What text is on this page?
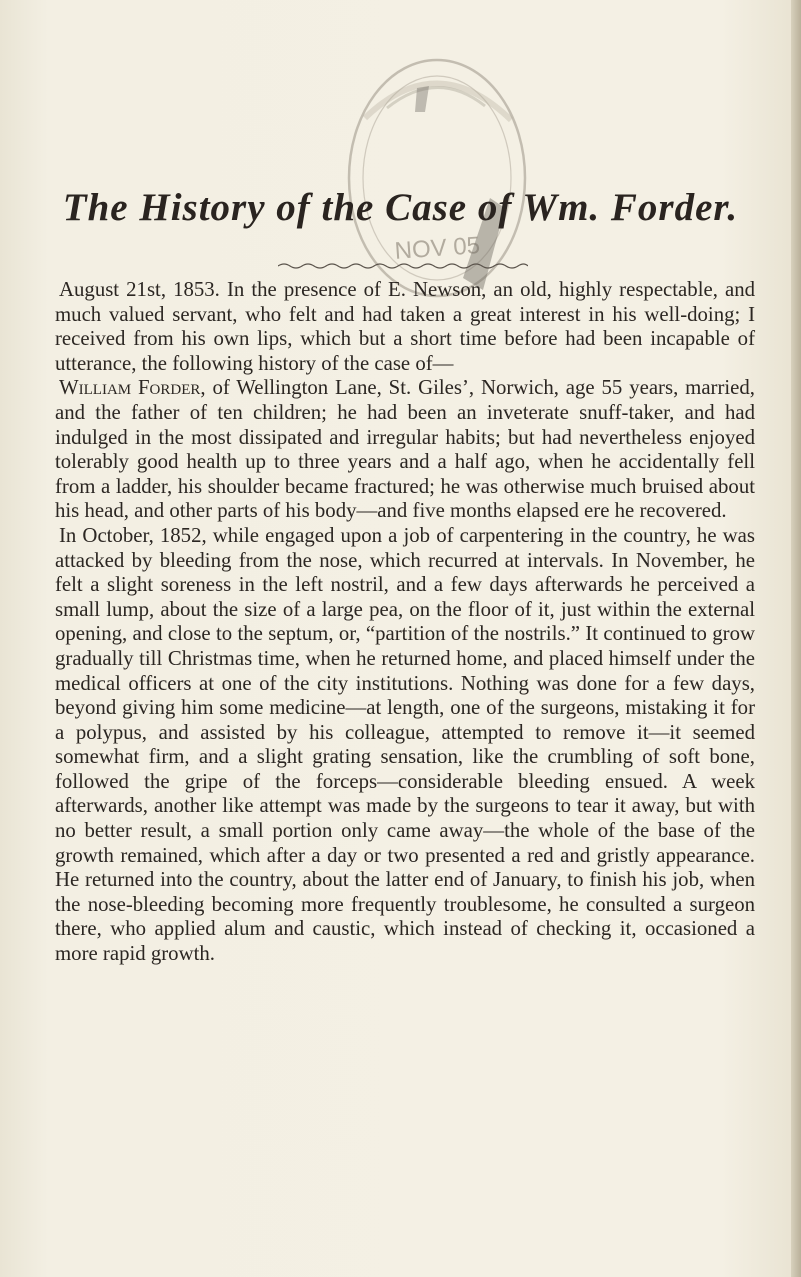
NOV 05
The History of the Case of Wm. Forder.

August 21st, 1853. In the presence of E. Newson, an old, highly respectable, and much valued servant, who felt and had taken a great interest in his well-doing; I received from his own lips, which but a short time before had been incapable of utterance, the following history of the case of—

William Forder, of Wellington Lane, St. Giles’, Norwich, age 55 years, married, and the father of ten children; he had been an inveterate snuff-taker, and had indulged in the most dissipated and irregular habits; but had nevertheless enjoyed tolerably good health up to three years and a half ago, when he accidentally fell from a ladder, his shoulder became fractured; he was otherwise much bruised about his head, and other parts of his body—and five months elapsed ere he recovered.

In October, 1852, while engaged upon a job of carpentering in the country, he was attacked by bleeding from the nose, which recurred at intervals. In November, he felt a slight soreness in the left nostril, and a few days afterwards he perceived a small lump, about the size of a large pea, on the floor of it, just within the external opening, and close to the septum, or, “partition of the nostrils.” It continued to grow gradually till Christmas time, when he returned home, and placed himself under the medical officers at one of the city institutions. Nothing was done for a few days, beyond giving him some medicine—at length, one of the surgeons, mistaking it for a polypus, and assisted by his colleague, attempted to remove it—it seemed somewhat firm, and a slight grating sensation, like the crumbling of soft bone, followed the gripe of the forceps—considerable bleeding ensued. A week afterwards, another like attempt was made by the surgeons to tear it away, but with no better result, a small portion only came away—the whole of the base of the growth remained, which after a day or two presented a red and gristly appearance. He returned into the country, about the latter end of January, to finish his job, when the nose-bleeding becoming more frequently troublesome, he consulted a surgeon there, who applied alum and caustic, which instead of checking it, occasioned a more rapid growth.
